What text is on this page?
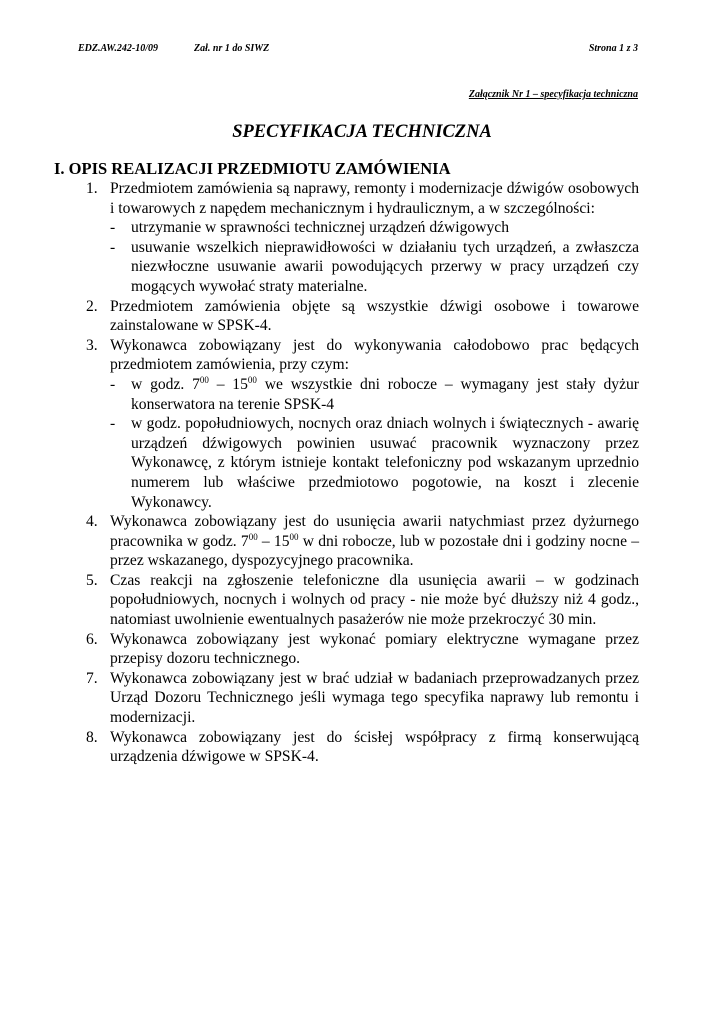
EDZ.AW.242-10/09	Zał. nr 1 do SIWZ	Strona 1 z 3
Załącznik Nr 1 – specyfikacja techniczna
SPECYFIKACJA TECHNICZNA
I. OPIS REALIZACJI PRZEDMIOTU ZAMÓWIENIA
1. Przedmiotem zamówienia są naprawy, remonty i modernizacje dźwigów osobowych i towarowych z napędem mechanicznym i hydraulicznym, a w szczególności:

-	utrzymanie w sprawności technicznej urządzeń dźwigowych
-	usuwanie wszelkich nieprawidłowości w działaniu tych urządzeń, a zwłaszcza niezwłoczne usuwanie awarii powodujących przerwy w pracy urządzeń czy mogących wywołać straty materialne.
2. Przedmiotem zamówienia objęte są wszystkie dźwigi osobowe i towarowe zainstalowane w SPSK-4.

3. Wykonawca zobowiązany jest do wykonywania całodobowo prac będących przedmiotem zamówienia, przy czym:

-	w godz. $7^{00} - 15^{00}$ we wszystkie dni robocze – wymagany jest stały dyżur konserwatora na terenie SPSK-4
-	w godz. popołudniowych, nocnych oraz dniach wolnych i świątecznych - awarię urządzeń dźwigowych powinien usuwać pracownik wyznaczony przez Wykonawcę, z którym istnieje kontakt telefoniczny pod wskazanym uprzednio numerem lub właściwe przedmiotowo pogotowie, na koszt i zlecenie Wykonawcy.
4. Wykonawca zobowiązany jest do usunięcia awarii natychmiast przez dyżurnego pracownika w godz. $7^{00} - 15^{00}$ w dni robocze, lub w pozostałe dni i godziny nocne – przez wskazanego, dyspozycyjnego pracownika.

5. Czas reakcji na zgłoszenie telefoniczne dla usunięcia awarii – w godzinach popołudniowych, nocnych i wolnych od pracy - nie może być dłuższy niż 4 godz., natomiast uwolnienie ewentualnych pasażerów nie może przekroczyć 30 min.

6. Wykonawca zobowiązany jest wykonać pomiary elektryczne wymagane przez przepisy dozoru technicznego.

7. Wykonawca zobowiązany jest w brać udział w badaniach przeprowadzanych przez Urząd Dozoru Technicznego jeśli wymaga tego specyfika naprawy lub remontu i modernizacji.

8. Wykonawca zobowiązany jest do ścisłej współpracy z firmą konserwującą urządzenia dźwigowe w SPSK-4.
